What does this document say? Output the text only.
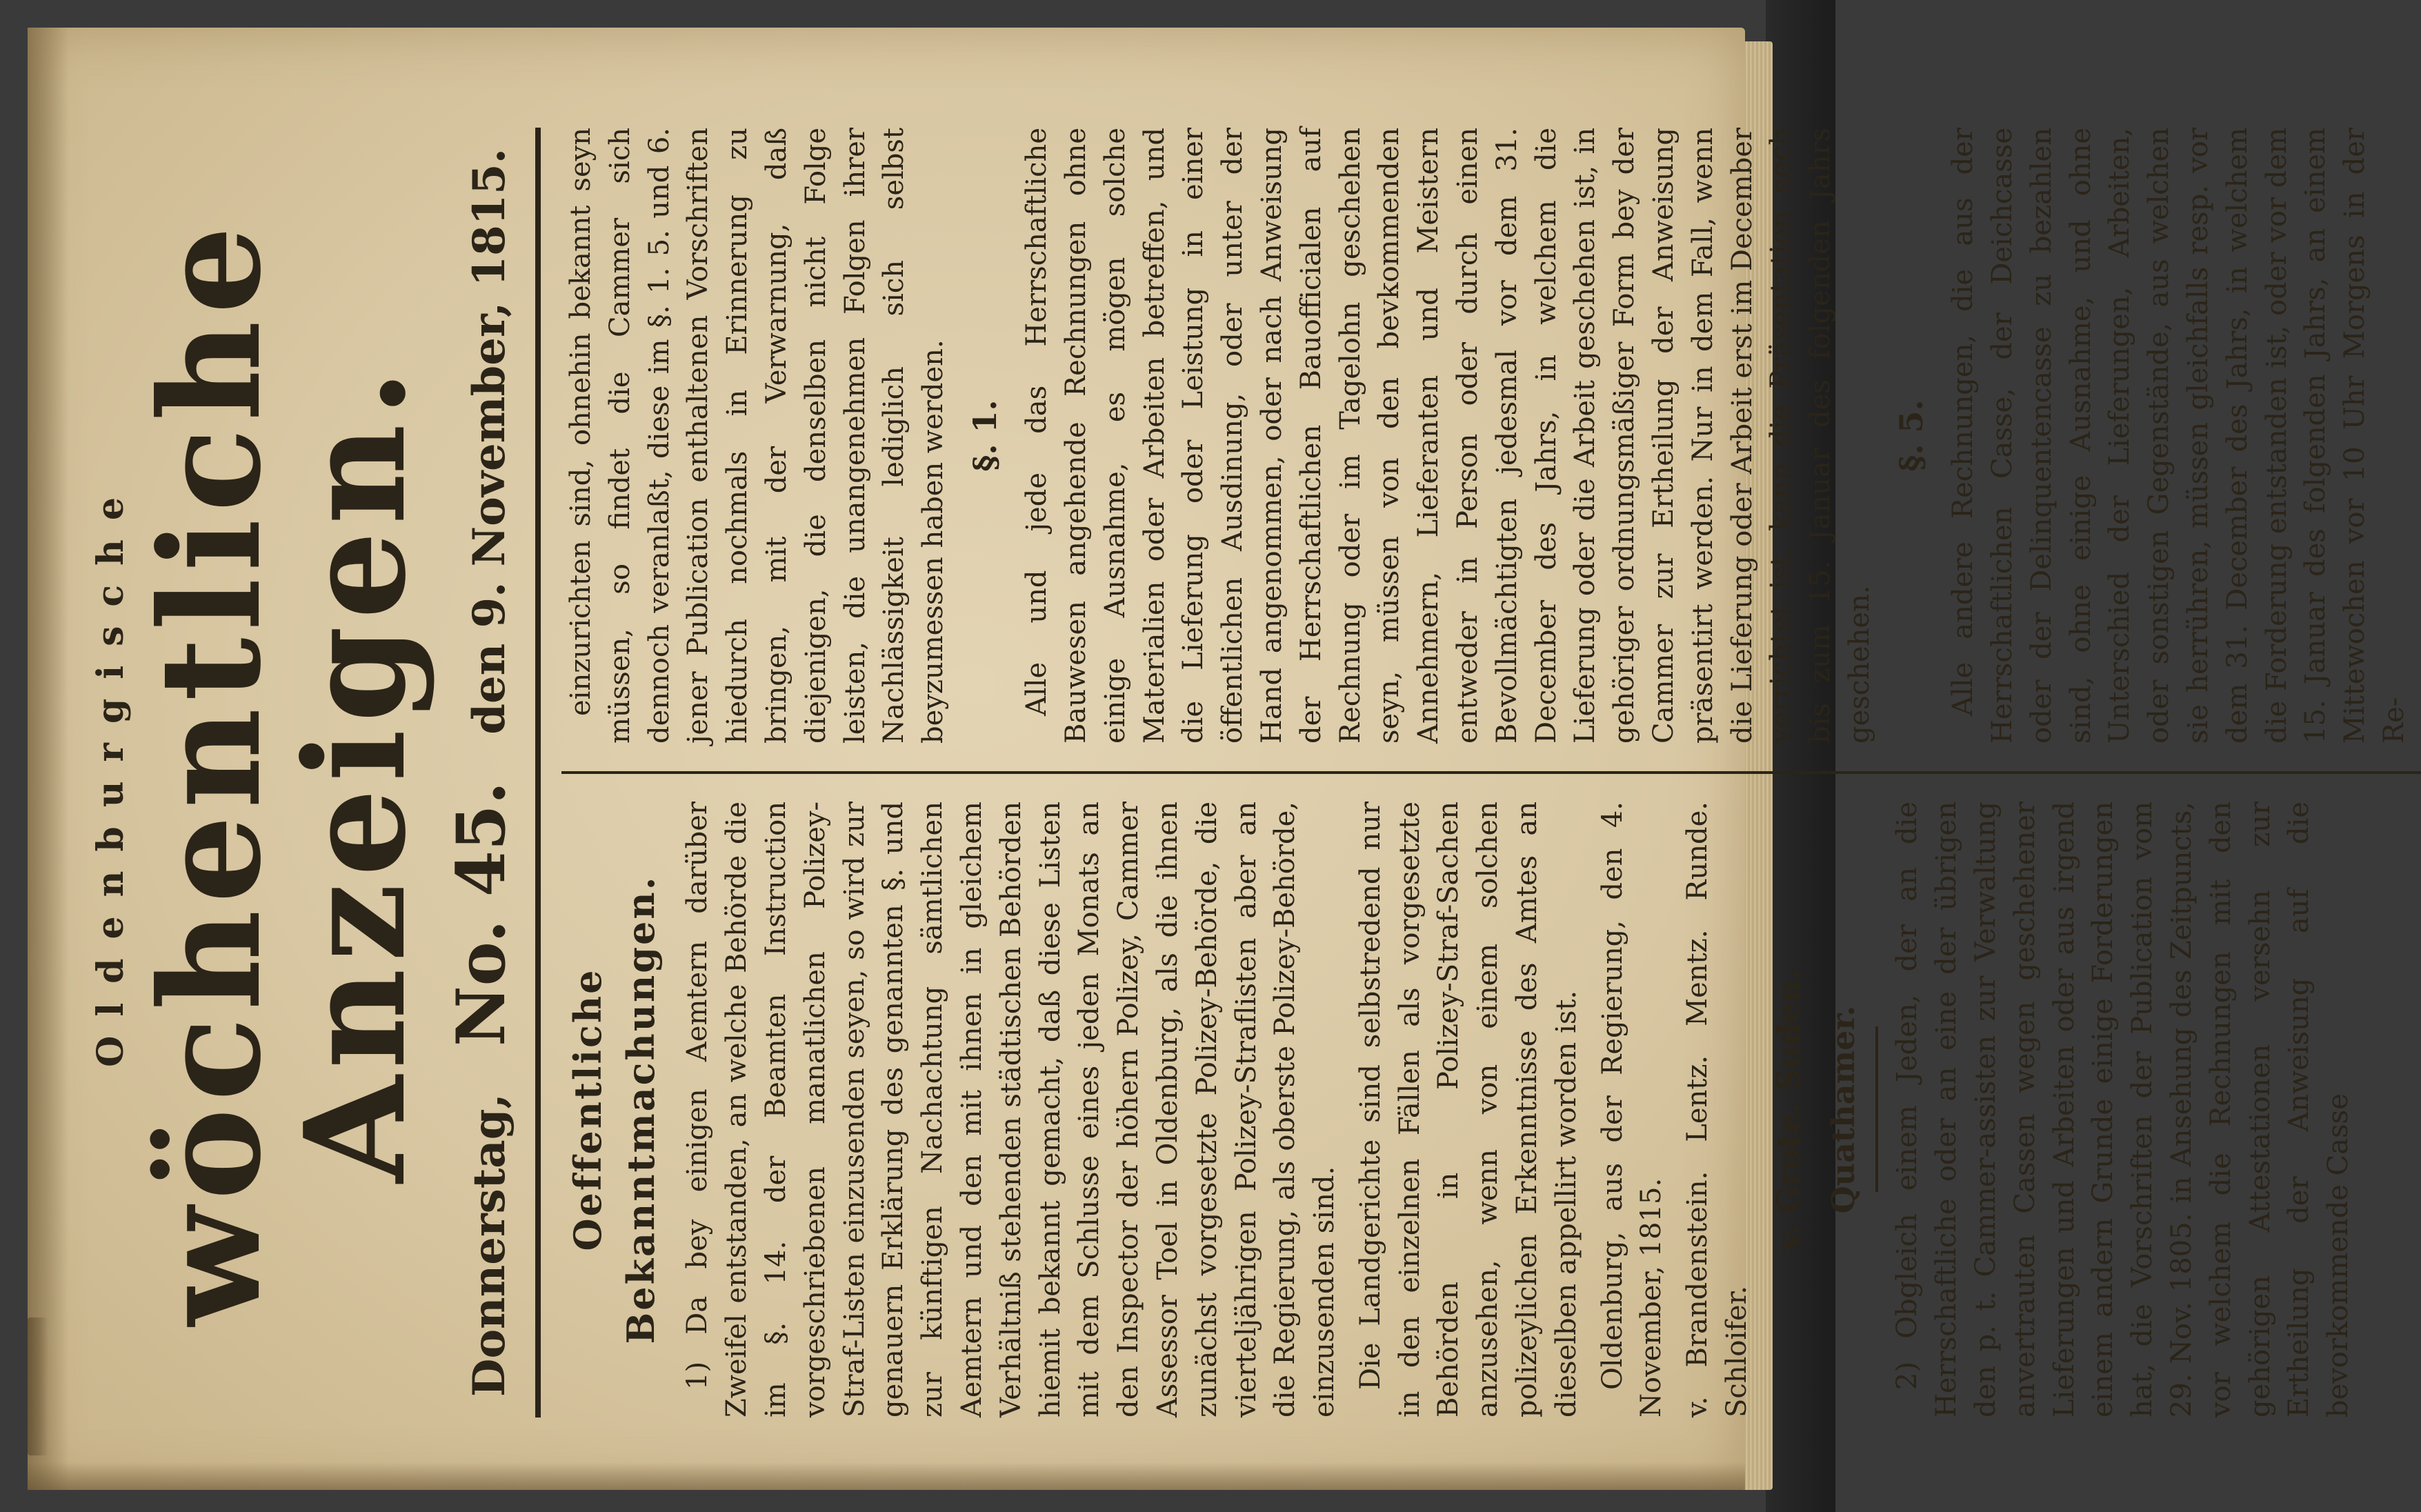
Oldenburgische
wöchentliche Anzeigen.
Donnerstag,
No. 45.
den 9. November, 1815.
Oeffentliche Bekanntmachungen. 1) Da bey einigen Aemtern darüber Zweifel entstanden, an welche Behörde die im §. 14. der Beamten Instruction vorgeschriebenen manatlichen Polizey-Straf-Listen einzusenden seyen, so wird zur genauern Erklärung des genannten §. und zur künftigen Nachachtung sämtlichen Aemtern und den mit ihnen in gleichem Verhältniß stehenden städtischen Behörden hiemit bekannt gemacht, daß diese Listen mit dem Schlusse eines jeden Monats an den Inspector der höhern Polizey, Cammer Assessor Toel in Oldenburg, als die ihnen zunächst vorgesetzte Polizey-Behörde, die vierteljährigen Polizey-Straflisten aber an die Regierung, als oberste Polizey-Behörde, einzusenden sind. Die Landgerichte sind selbstredend nur in den einzelnen Fällen als vorgesetzte Behörden in Polizey-Straf-Sachen anzusehen, wenn von einem solchen polizeylichen Erkenntnisse des Amtes an dieselben appellirt worden ist. Oldenburg, aus der Regierung, den 4. November, 1815. v. Brandenstein. Lentz. Mentz. Runde. Schloifer.
v. Grote. Suden. Quathamer. 2) Obgleich einem Jeden, der an die Herrschaftliche oder an eine der übrigen den p. t. Cammer-assisten zur Verwaltung anvertrauten Cassen wegen geschehener Lieferungen und Arbeiten oder aus irgend einem andern Grunde einige Forderungen hat, die Vorschriften der Publication vom 29. Nov. 1805. in Ansehung des Zeitpuncts, vor welchem die Rechnungen mit den gehörigen Attestationen versehn zur Ertheilung der Anweisung auf die bevorkommende Casse

einzurichten sind, ohnehin bekannt seyn müssen, so findet die Cammer sich dennoch veranlaßt, diese im §. 1. 5. und 6. jener Publication enthaltenen Vorschriften hiedurch nochmals in Erinnerung zu bringen, mit der Verwarnung, daß diejenigen, die denselben nicht Folge leisten, die unangenehmen Folgen ihrer Nachlässigkeit lediglich sich selbst beyzumessen haben werden. §. 1. Alle und jede das Herrschaftliche Bauwesen angehende Rechnungen ohne einige Ausnahme, es mögen solche Materialien oder Arbeiten betreffen, und die Lieferung oder Leistung in einer öffentlichen Ausdinung, oder unter der Hand angenommen, oder nach Anweisung der Herrschaftlichen Bauofficialen auf Rechnung oder im Tagelohn geschehen seyn, müssen von den bevkommenden Annehmern, Lieferanten und Meistern entweder in Person oder durch einen Bevollmächtigten jedesmal vor dem 31. December des Jahrs, in welchem die Lieferung oder die Arbeit geschehen ist, in gehöriger ordnungsmäßiger Form bey der Cammer zur Ertheilung der Anweisung präsentirt werden. Nur in dem Fall, wenn die Lieferung oder Arbeit erst im December verrichtet ist, kann die Präsentation noch bis zum 15. Januar des folgenden Jahrs geschehen.

§. 5. Alle andere Rechnungen, die aus der Herrschaftlichen Casse, der Deichcasse oder der Delinquentencasse zu bezahlen sind, ohne einige Ausnahme, und ohne Unterschied der Lieferungen, Arbeiten, oder sonstigen Gegenstände, aus welchen sie herrühren, müssen gleichfalls resp. vor dem 31. December des Jahrs, in welchem die Forderung entstanden ist, oder vor dem 15. Januar des folgenden Jahrs, an einem Mittewochen vor 10 Uhr Morgens in der Re-
